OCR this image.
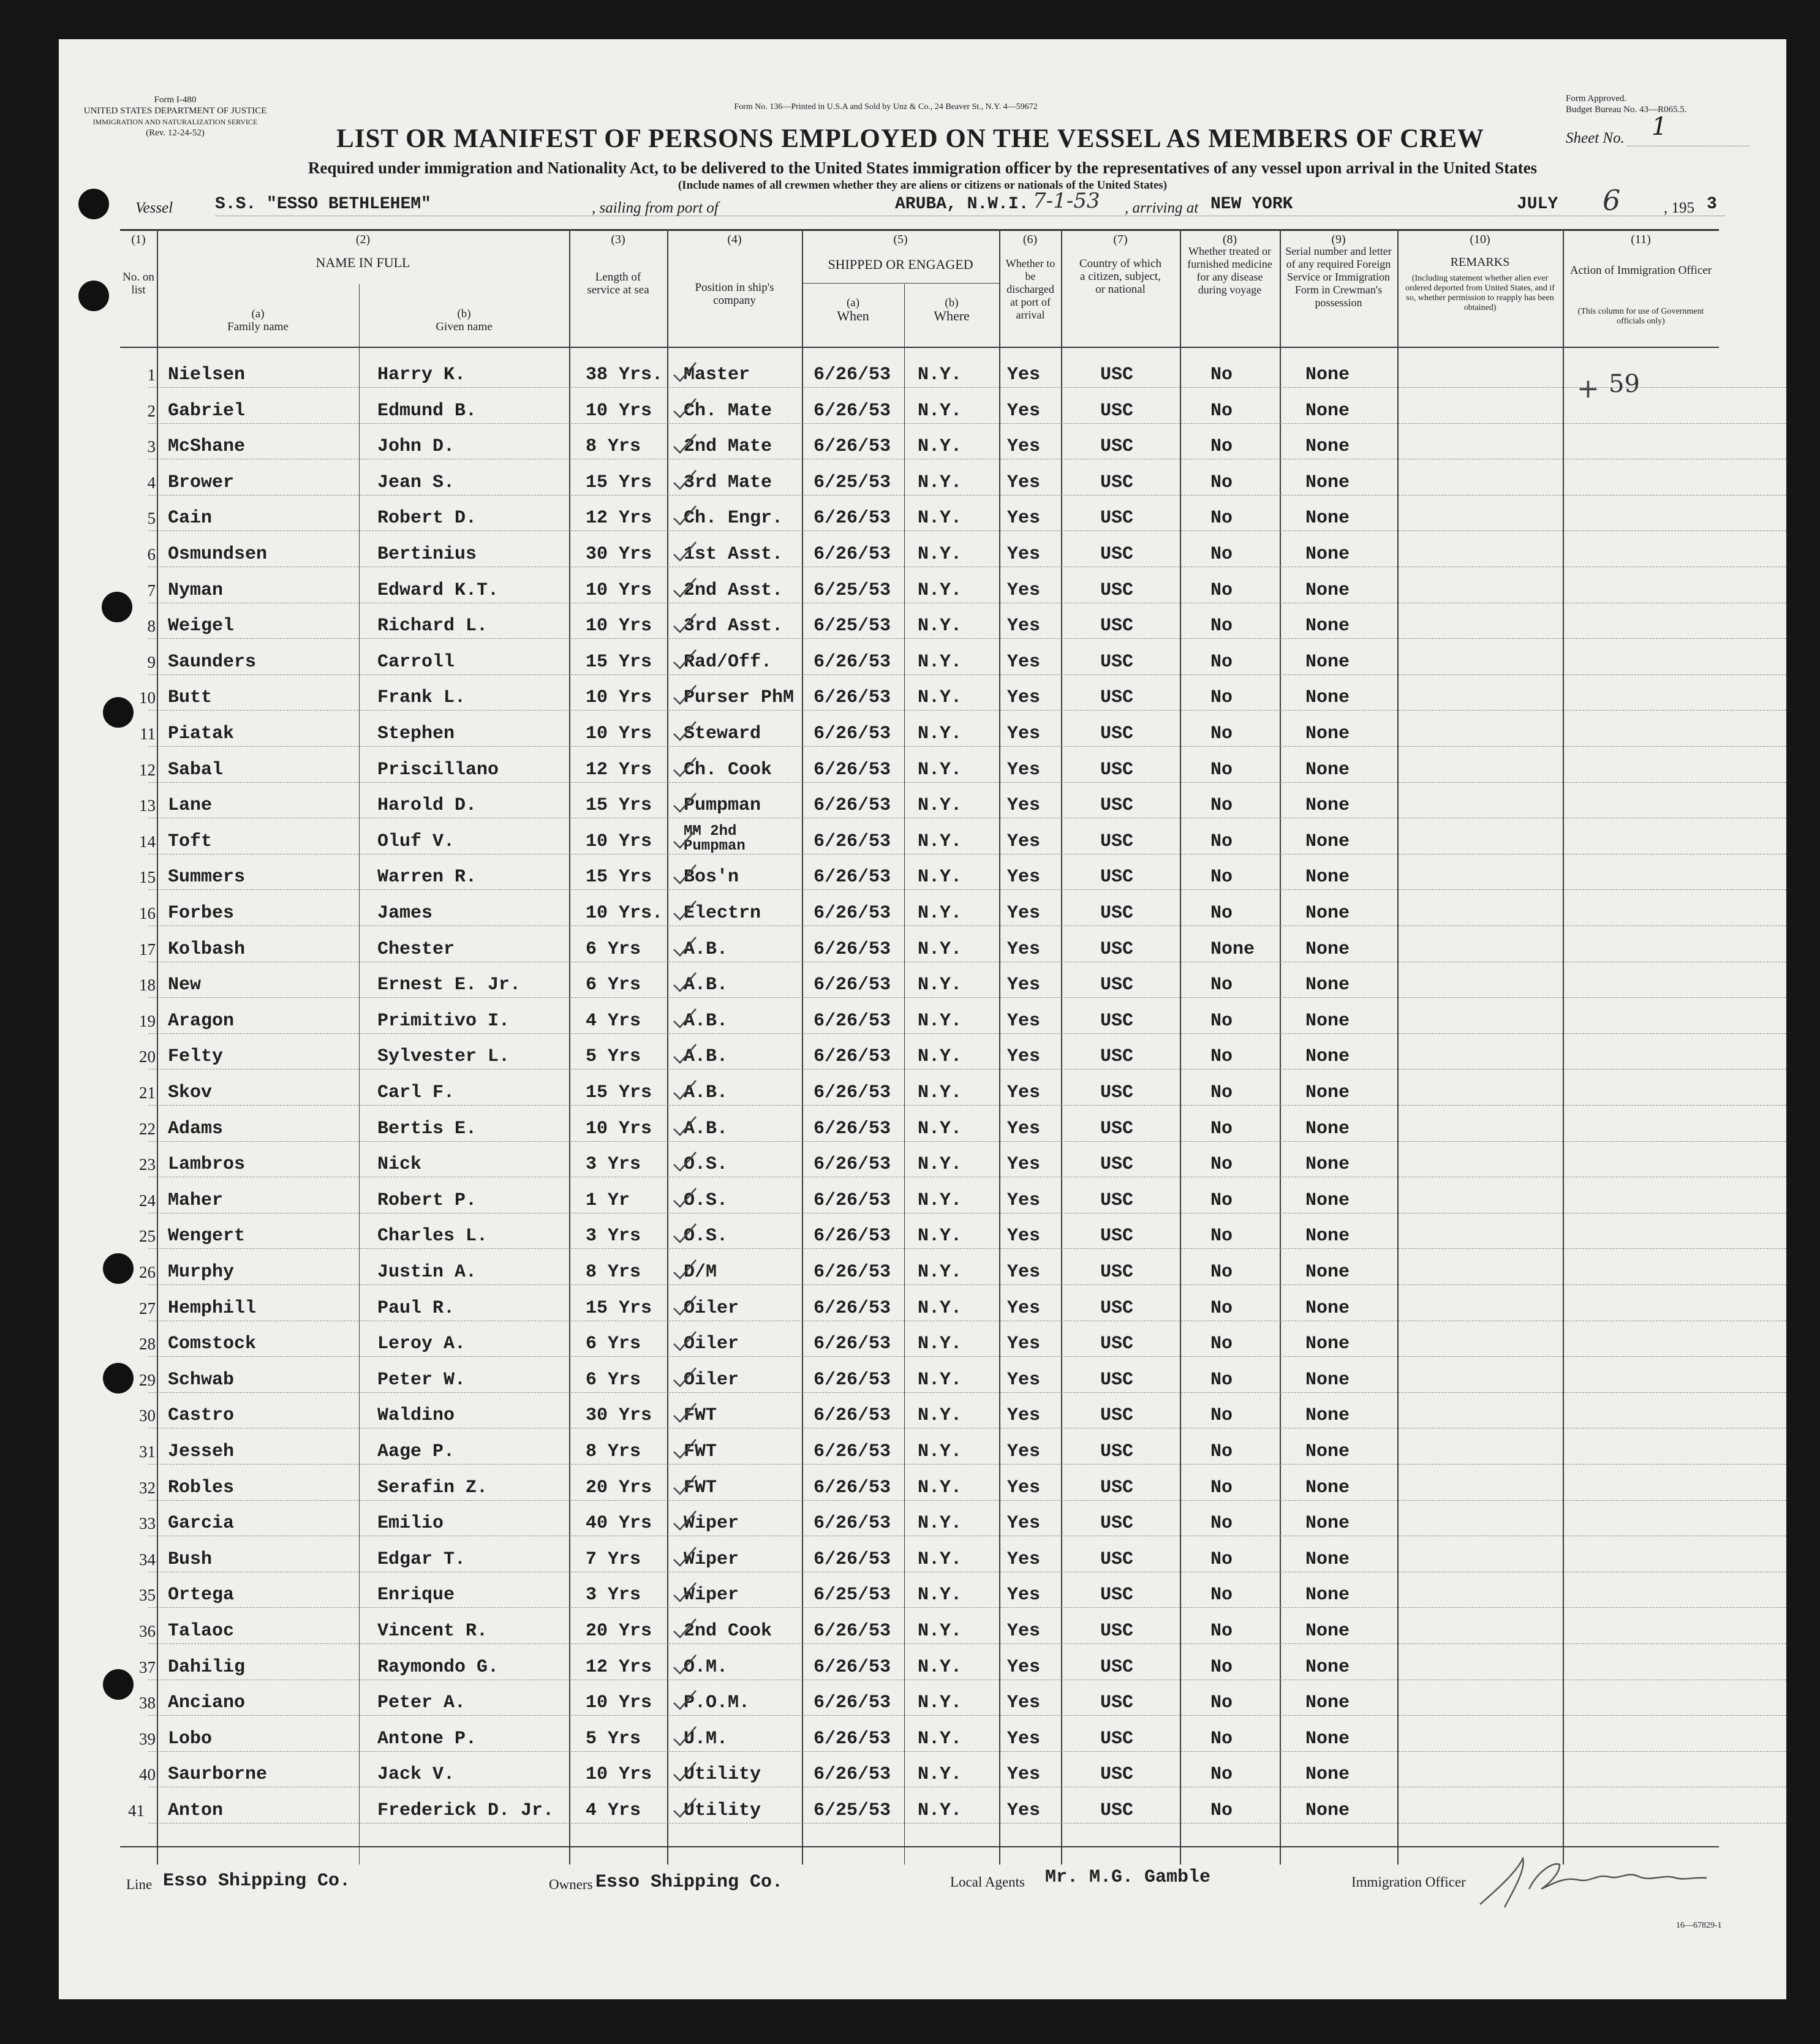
Form I-480
UNITED STATES DEPARTMENT OF JUSTICE
IMMIGRATION AND NATURALIZATION SERVICE
(Rev. 12-24-52)
Form No. 136—Printed in U.S.A and Sold by Unz & Co., 24 Beaver St., N.Y. 4—59672
Form Approved.
Budget Bureau No. 43—R065.5.
LIST OR MANIFEST OF PERSONS EMPLOYED ON THE VESSEL AS MEMBERS OF CREW	Sheet No. 1
Required under immigration and Nationality Act, to be delivered to the United States immigration officer by the representatives of any vessel upon arrival in the United States
(Include names of all crewmen whether they are aliens or citizens or nationals of the United States)
Vessel S.S. "ESSO BETHLEHEM"	, sailing from port of	ARUBA, N.W.I. 7-1-53 , arriving at NEW YORK	JULY 6	, 195 3
(1)	(2)	(3)	(4)	(5)	(6)	(7)	(8)	(9)	(10)	(11)
No. on list
NAME IN FULL
(a)
Family name
(b)
Given name
Length of service at sea	Position in ship's company
SHIPPED OR ENGAGED
(a)
When
(b)
Where
Whether to be discharged at port of arrival
Country of which a citizen, subject, or national
Whether treated or furnished medicine for any disease during voyage
Serial number and letter of any required Foreign Service or Immigration Form in Crewman's possession
REMARKS
(Including statement whether alien ever ordered deported from United States, and if so, whether permission to reapply has been obtained)
Action of Immigration Officer
(This column for use of Government officials only)
1 Nielsen	Harry K.	38 Yrs. Master	6/26/53 N.Y. Yes	USC	No	None
2 Gabriel	Edmund B.	10 Yrs Ch. Mate 6/26/53 N.Y. Yes	USC	No	None
3 McShane	John D.	8 Yrs 2nd Mate 6/26/53 N.Y. Yes	USC	No	None
4 Brower	Jean S.	15 Yrs 3rd Mate 6/25/53 N.Y. Yes	USC	No	None
5 Cain	Robert D.	12 Yrs Ch. Engr. 6/26/53 N.Y. Yes	USC	No	None
6 Osmundsen	Bertinius	30 Yrs 1st Asst. 6/26/53 N.Y. Yes	USC	No	None
7 Nyman	Edward K.T.	10 Yrs 2nd Asst. 6/25/53 N.Y. Yes	USC	No	None
8 Weigel	Richard L.	10 Yrs 3rd Asst. 6/25/53 N.Y. Yes	USC	No	None
9 Saunders	Carroll	15 Yrs Rad/Off. 6/26/53 N.Y. Yes	USC	No	None
10 Butt	Frank L.	10 Yrs Purser PhM 6/26/53 N.Y. Yes	USC	No	None
11 Piatak	Stephen	10 Yrs Steward	6/26/53 N.Y. Yes	USC	No	None
12 Sabal	Priscillano	12 Yrs Ch. Cook 6/26/53 N.Y. Yes	USC	No	None
13 Lane	Harold D.	15 Yrs Pumpman	6/26/53 N.Y. Yes	USC	No	None
14 Toft	Oluf V.	10 Yrs MM 2hd Pumpman	6/26/53 N.Y. Yes	USC	No	None
15 Summers	Warren R.	15 Yrs Bos'n	6/26/53 N.Y. Yes	USC	No	None
16 Forbes	James	10 Yrs. Electrn	6/26/53 N.Y. Yes	USC	No	None
17 Kolbash	Chester	6 Yrs A.B.	6/26/53 N.Y. Yes	USC	None	None
18 New	Ernest E. Jr.	6 Yrs A.B.	6/26/53 N.Y. Yes	USC	No	None
19 Aragon	Primitivo I.	4 Yrs A.B.	6/26/53 N.Y. Yes	USC	No	None
20 Felty	Sylvester L.	5 Yrs A.B.	6/26/53 N.Y. Yes	USC	No	None
21 Skov	Carl F.	15 Yrs A.B.	6/26/53 N.Y. Yes	USC	No	None
22 Adams	Bertis E.	10 Yrs A.B.	6/26/53 N.Y. Yes	USC	No	None
23 Lambros	Nick	3 Yrs O.S.	6/26/53 N.Y. Yes	USC	No	None
24 Maher	Robert P.	1 Yr	O.S.	6/26/53 N.Y. Yes	USC	No	None
25 Wengert	Charles L.	3 Yrs O.S.	6/26/53 N.Y. Yes	USC	No	None
26 Murphy	Justin A.	8 Yrs D/M	6/26/53 N.Y. Yes	USC	No	None
27 Hemphill	Paul R.	15 Yrs Oiler	6/26/53 N.Y. Yes	USC	No	None
28 Comstock	Leroy A.	6 Yrs Oiler	6/26/53 N.Y. Yes	USC	No	None
29 Schwab	Peter W.	6 Yrs Oiler	6/26/53 N.Y. Yes	USC	No	None
30 Castro	Waldino	30 Yrs FWT	6/26/53 N.Y. Yes	USC	No	None
31 Jesseh	Aage P.	8 Yrs FWT	6/26/53 N.Y. Yes	USC	No	None
32 Robles	Serafin Z.	20 Yrs FWT	6/26/53 N.Y. Yes	USC	No	None
33 Garcia	Emilio	40 Yrs Wiper	6/26/53 N.Y. Yes	USC	No	None
34 Bush	Edgar T.	7 Yrs Wiper	6/26/53 N.Y. Yes	USC	No	None
35 Ortega	Enrique	3 Yrs Wiper	6/25/53 N.Y. Yes	USC	No	None
36 Talaoc	Vincent R.	20 Yrs 2nd Cook 6/26/53 N.Y. Yes	USC	No	None
37 Dahilig	Raymondo G.	12 Yrs O.M.	6/26/53 N.Y. Yes	USC	No	None
38 Anciano	Peter A.	10 Yrs P.O.M.	6/26/53 N.Y. Yes	USC	No	None
39 Lobo	Antone P.	5 Yrs U.M.	6/26/53 N.Y. Yes	USC	No	None
40 Saurborne	Jack V.	10 Yrs Utility	6/26/53 N.Y. Yes	USC	No	None
41 Anton	Frederick D. Jr. 4 Yrs Utility	6/25/53 N.Y. Yes	USC	No	None
59
+
Line Esso Shipping Co.	Owners Esso Shipping Co.	Local Agents Mr. M.G. Gamble	Immigration Officer
16—67829-1
